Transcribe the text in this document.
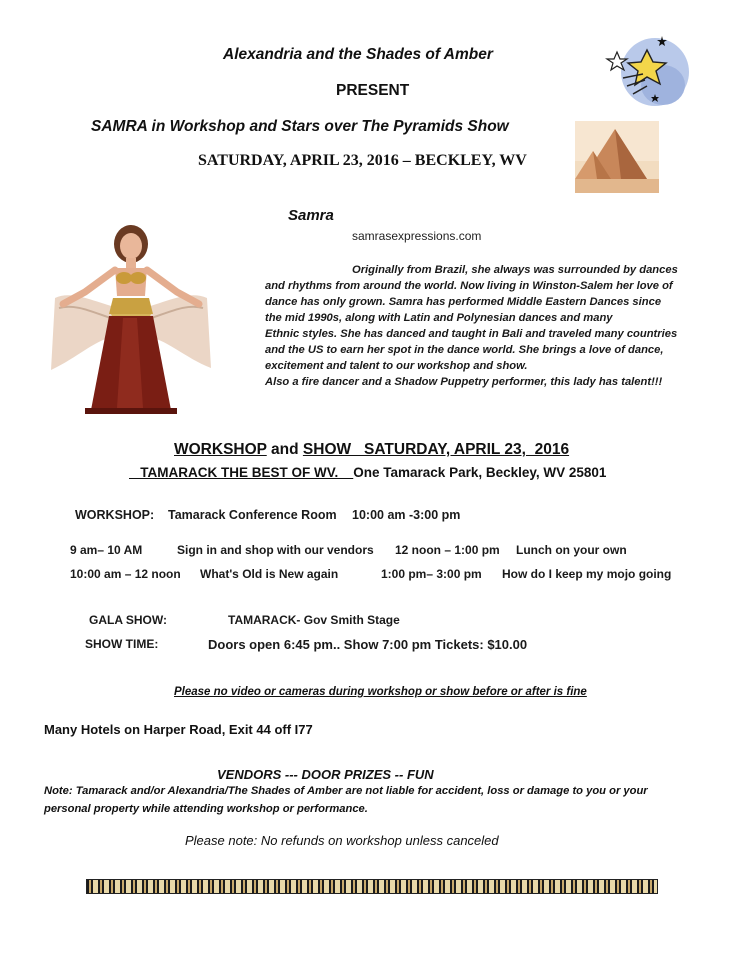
Alexandria and the Shades of Amber
PRESENT
SAMRA in Workshop and Stars over The Pyramids Show
SATURDAY, APRIL 23, 2016 – BECKLEY, WV
Samra
samrasexpressions.com
Originally from Brazil, she always was surrounded by dances
and rhythms from around the world. Now living in Winston-Salem her love of
dance has only grown. Samra has performed Middle Eastern Dances since
the mid 1990s, along with Latin and Polynesian dances and many
Ethnic styles. She has danced and taught in Bali and traveled many countries
and the US to earn her spot in the dance world. She brings a love of dance,
excitement and talent to our workshop and show.
Also a fire dancer and a Shadow Puppetry performer, this lady has talent!!!
WORKSHOP and SHOW   SATURDAY, APRIL 23,  2016
TAMARACK THE BEST OF WV.    One Tamarack Park, Beckley, WV 25801
WORKSHOP: Tamarack Conference Room 10:00 am -3:00 pm
9 am– 10 AM	Sign in and shop with our vendors 12 noon – 1:00 pm Lunch on your own
10:00 am – 12 noon What's Old is New again	1:00 pm– 3:00 pm How do I keep my mojo going
GALA SHOW:	TAMARACK- Gov Smith Stage
SHOW TIME:	Doors open 6:45 pm.. Show 7:00 pm Tickets: $10.00
Please no video or cameras during workshop or show before or after is fine
Many Hotels on Harper Road, Exit 44 off I77
VENDORS --- DOOR PRIZES -- FUN
Note: Tamarack and/or Alexandria/The Shades of Amber are not liable for accident, loss or damage to you or your
personal property while attending workshop or performance.
Please note: No refunds on workshop unless canceled
